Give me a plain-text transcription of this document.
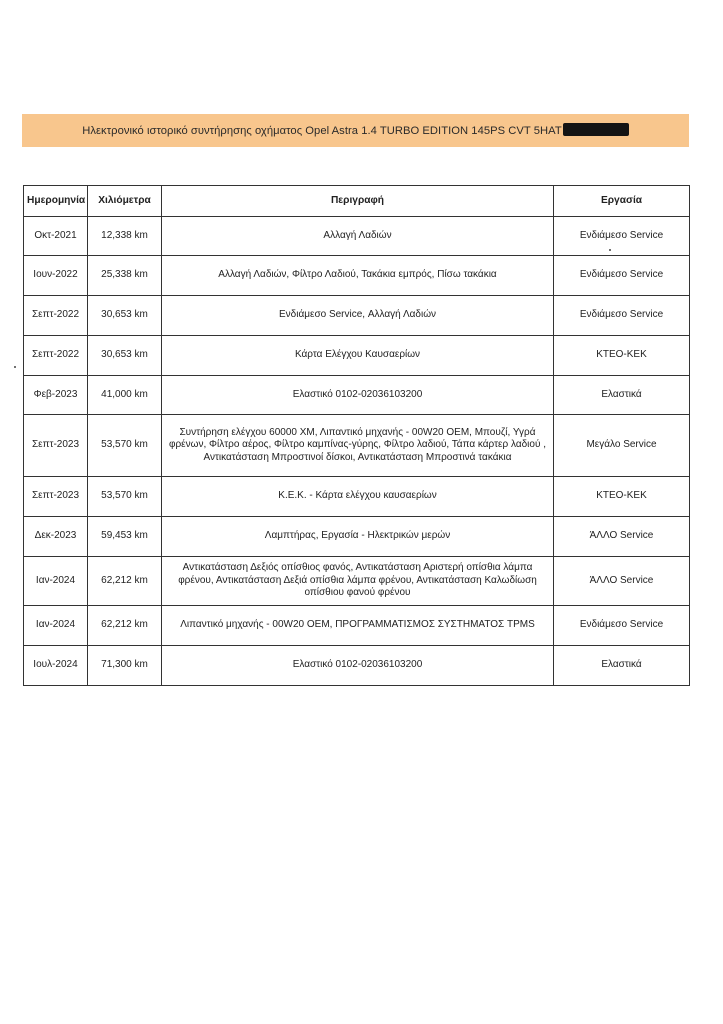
Ηλεκτρονικό ιστορικό συντήρησης οχήματος Opel Astra 1.4 TURBO EDITION 145PS CVT 5HAT
Ημερομηνία	Χιλιόμετρα	Περιγραφή	Εργασία
Οκτ-2021	12,338 km	Αλλαγή Λαδιών	Ενδιάμεσο Service
Ιουν-2022	25,338 km	Αλλαγή Λαδιών, Φίλτρο Λαδιού, Τακάκια εμπρός, Πίσω τακάκια	Ενδιάμεσο Service
Σεπτ-2022	30,653 km	Ενδιάμεσο Service, Αλλαγή Λαδιών	Ενδιάμεσο Service
Σεπτ-2022	30,653 km	Κάρτα Ελέγχου Καυσαερίων	ΚΤΕΟ-ΚΕΚ
Φεβ-2023	41,000 km	Ελαστικό 0102-02036103200	Ελαστικά
Σεπτ-2023	53,570 km	Συντήρηση ελέγχου 60000 ΧΜ, Λιπαντικό μηχανής - 00W20 OEM, Μπουζί, Υγρά φρένων, Φίλτρο αέρος, Φίλτρο καμπίνας-γύρης, Φίλτρο λαδιού, Τάπα κάρτερ λαδιού , Αντικατάσταση Μπροστινοί δίσκοι, Αντικατάσταση Μπροστινά τακάκια	Μεγάλο Service
Σεπτ-2023	53,570 km	Κ.Ε.Κ. - Κάρτα ελέγχου καυσαερίων	ΚΤΕΟ-ΚΕΚ
Δεκ-2023	59,453 km	Λαμπτήρας, Εργασία - Ηλεκτρικών μερών	ΆΛΛΟ Service
Ιαν-2024	62,212 km	Αντικατάσταση Δεξιός οπίσθιος φανός, Αντικατάσταση Αριστερή οπίσθια λάμπα φρένου, Αντικατάσταση Δεξιά οπίσθια λάμπα φρένου, Αντικατάσταση Καλωδίωση οπίσθιου φανού φρένου	ΆΛΛΟ Service
Ιαν-2024	62,212 km	Λιπαντικό μηχανής - 00W20 OEM, ΠΡΟΓΡΑΜΜΑΤΙΣΜΟΣ ΣΥΣΤΗΜΑΤΟΣ TPMS	Ενδιάμεσο Service
Ιουλ-2024	71,300 km	Ελαστικό 0102-02036103200	Ελαστικά
